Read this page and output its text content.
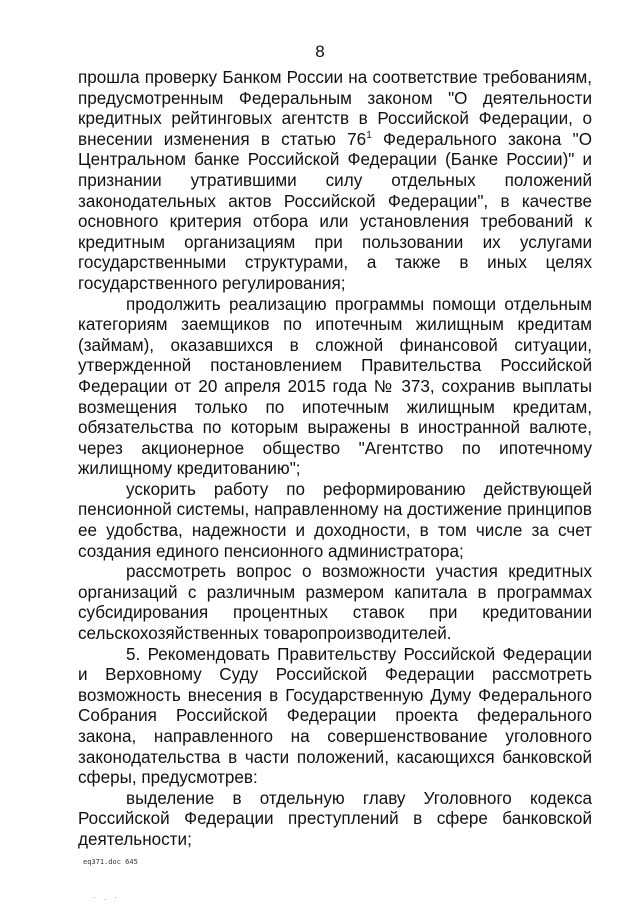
8

прошла проверку Банком России на соответствие требованиям, предусмотренным Федеральным законом "О деятельности кредитных рейтинговых агентств в Российской Федерации, о внесении изменения в статью $76^1$ Федерального закона "О Центральном банке Российской Федерации (Банке России)" и признании утратившими силу отдельных положений законодательных актов Российской Федерации", в качестве основного критерия отбора или установления требований к кредитным организациям при пользовании их услугами государственными структурами, а также в иных целях государственного регулирования;

продолжить реализацию программы помощи отдельным категориям заемщиков по ипотечным жилищным кредитам (займам), оказавшихся в сложной финансовой ситуации, утвержденной постановлением Правительства Российской Федерации от 20 апреля 2015 года № 373, сохранив выплаты возмещения только по ипотечным жилищным кредитам, обязательства по которым выражены в иностранной валюте, через акционерное общество "Агентство по ипотечному жилищному кредитованию";

ускорить работу по реформированию действующей пенсионной системы, направленному на достижение принципов ее удобства, надежности и доходности, в том числе за счет создания единого пенсионного администратора;

рассмотреть вопрос о возможности участия кредитных организаций с различным размером капитала в программах субсидирования процентных ставок при кредитовании сельскохозяйственных товаропроизводителей.

5. Рекомендовать Правительству Российской Федерации и Верховному Суду Российской Федерации рассмотреть возможность внесения в Государственную Думу Федерального Собрания Российской Федерации проекта федерального закона, направленного на совершенствование уголовного законодательства в части положений, касающихся банковской сферы, предусмотрев:

выделение в отдельную главу Уголовного кодекса Российской Федерации преступлений в сфере банковской деятельности;

eq371.doc 645
· . ·
